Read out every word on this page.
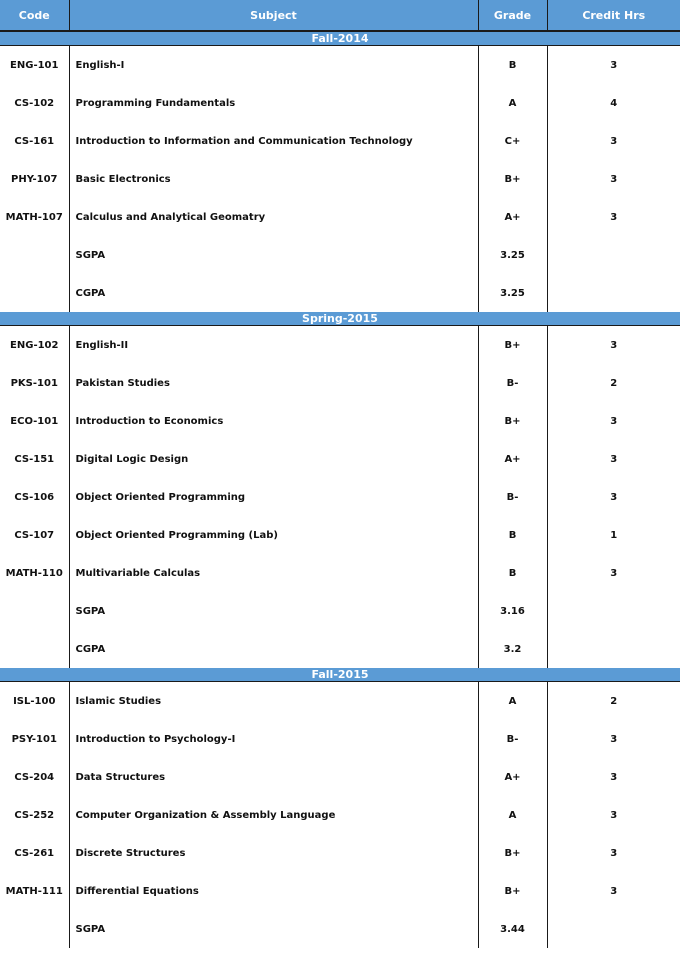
Code	Subject	Grade	Credit Hrs
Fall-2014			
ENG-101	English-I	B	3
CS-102	Programming Fundamentals	A	4
CS-161	Introduction to Information and Communication Technology	C+	3
PHY-107	Basic Electronics	B+	3
MATH-107	Calculus and Analytical Geomatry	A+	3
	SGPA	3.25	
	CGPA	3.25	
Spring-2015			
ENG-102	English-II	B+	3
PKS-101	Pakistan Studies	B-	2
ECO-101	Introduction to Economics	B+	3
CS-151	Digital Logic Design	A+	3
CS-106	Object Oriented Programming	B-	3
CS-107	Object Oriented Programming (Lab)	B	1
MATH-110	Multivariable Calculas	B	3
	SGPA	3.16	
	CGPA	3.2	
Fall-2015			
ISL-100	Islamic Studies	A	2
PSY-101	Introduction to Psychology-I	B-	3
CS-204	Data Structures	A+	3
CS-252	Computer Organization & Assembly Language	A	3
CS-261	Discrete Structures	B+	3
MATH-111	Differential Equations	B+	3
	SGPA	3.44	
